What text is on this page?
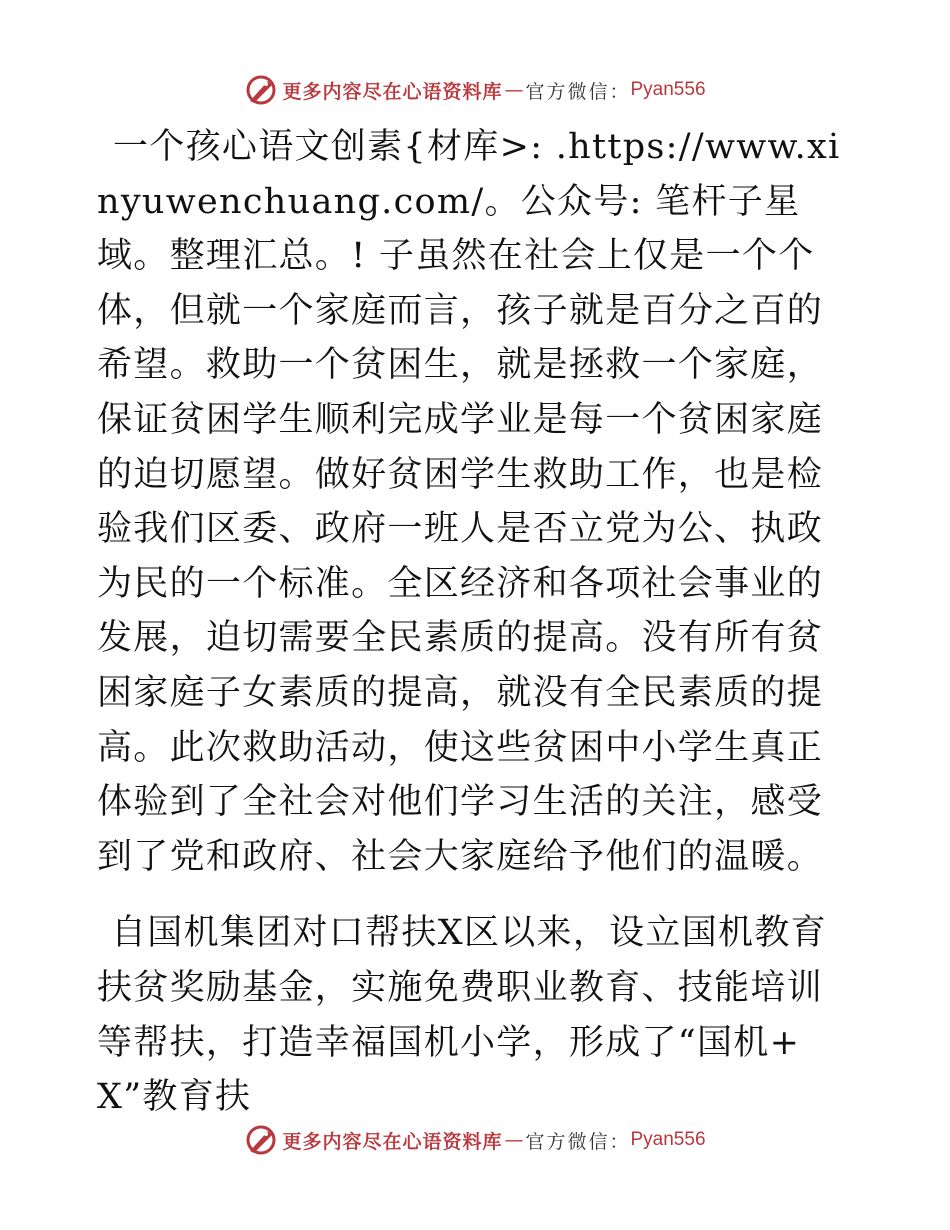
更多内容尽在心语资料库 — 官方微信： Pyan556

一个孩心语文创素{材库>: .https://www.xinyuwenchuang.com/。公众号: 笔杆子星域。整理汇总。! 子虽然在社会上仅是一个个体，但就一个家庭而言，孩子就是百分之百的希望。救助一个贫困生，就是拯救一个家庭，保证贫困学生顺利完成学业是每一个贫困家庭的迫切愿望。做好贫困学生救助工作，也是检验我们区委、政府一班人是否立党为公、执政为民的一个标准。全区经济和各项社会事业的发展，迫切需要全民素质的提高。没有所有贫困家庭子女素质的提高，就没有全民素质的提高。此次救助活动，使这些贫困中小学生真正体验到了全社会对他们学习生活的关注，感受到了党和政府、社会大家庭给予他们的温暖。

自国机集团对口帮扶X区以来，设立国机教育扶贫奖励基金，实施免费职业教育、技能培训等帮扶，打造幸福国机小学，形成了“国机+X”教育扶

更多内容尽在心语资料库 — 官方微信： Pyan556
